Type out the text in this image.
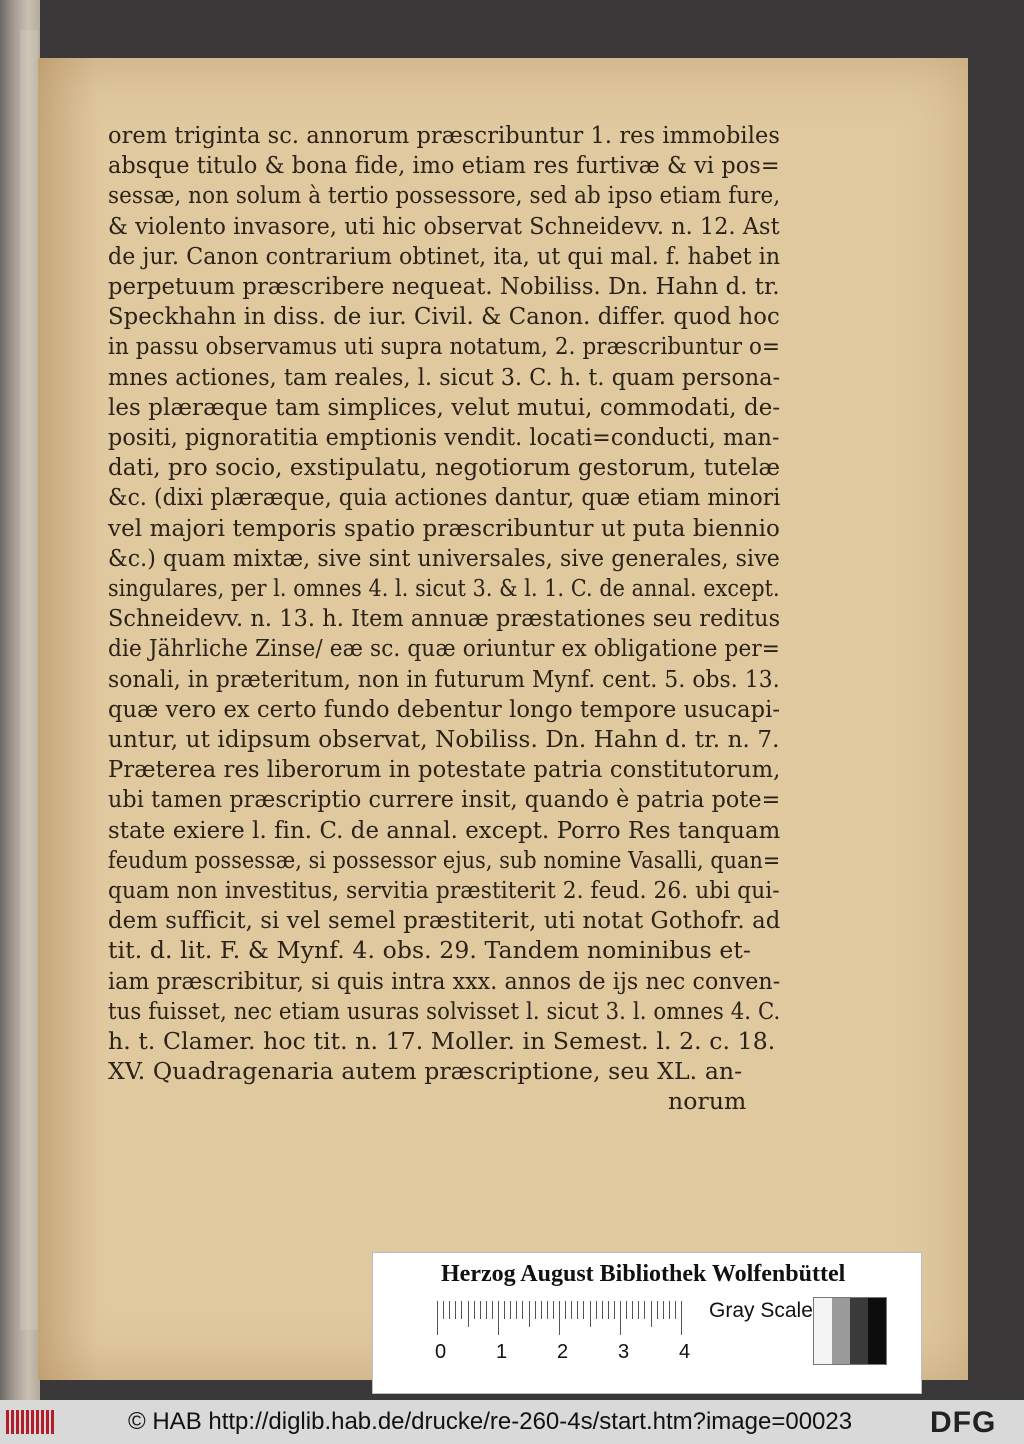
orem triginta sc. annorum præscribuntur 1. res immobiles
absque titulo & bona fide, imo etiam res furtivæ & vi pos=
sessæ, non solum à tertio possessore, sed ab ipso etiam fure,
& violento invasore, uti hic observat Schneidevv. n. 12. Ast
de jur. Canon contrarium obtinet, ita, ut qui mal. f. habet in
perpetuum præscribere nequeat. Nobiliss. Dn. Hahn d. tr.
Speckhahn in diss. de iur. Civil. & Canon. differ. quod hoc
in passu observamus uti supra notatum, 2. præscribuntur o=
mnes actiones, tam reales, l. sicut 3. C. h. t. quam persona-
les plæræque tam simplices, velut mutui, commodati, de-
positi, pignoratitia emptionis vendit. locati=conducti, man-
dati, pro socio, exstipulatu, negotiorum gestorum, tutelæ
&c. (dixi plæræque, quia actiones dantur, quæ etiam minori
vel majori temporis spatio præscribuntur ut puta biennio
&c.) quam mixtæ, sive sint universales, sive generales, sive
singulares, per l. omnes 4. l. sicut 3. & l. 1. C. de annal. except.
Schneidevv. n. 13. h. Item annuæ præstationes seu reditus
die Jährliche Zinse/ eæ sc. quæ oriuntur ex obligatione per=
sonali, in præteritum, non in futurum Mynf. cent. 5. obs. 13.
quæ vero ex certo fundo debentur longo tempore usucapi-
untur, ut idipsum observat, Nobiliss. Dn. Hahn d. tr. n. 7.
Præterea res liberorum in potestate patria constitutorum,
ubi tamen præscriptio currere insit, quando è patria pote=
state exiere l. fin. C. de annal. except. Porro Res tanquam
feudum possessæ, si possessor ejus, sub nomine Vasalli, quan=
quam non investitus, servitia præstiterit 2. feud. 26. ubi qui-
dem sufficit, si vel semel præstiterit, uti notat Gothofr. ad
tit. d. lit. F. & Mynf. 4. obs. 29. Tandem nominibus et-
iam præscribitur, si quis intra xxx. annos de ijs nec conven-
tus fuisset, nec etiam usuras solvisset l. sicut 3. l. omnes 4. C.
h. t. Clamer. hoc tit. n. 17. Moller. in Semest. l. 2. c. 18.
XV. Quadragenaria autem præscriptione, seu XL. an-
norum
Herzog August Bibliothek Wolfenbüttel
0 1 2 3 4
Gray Scale
© HAB http://diglib.hab.de/drucke/re-260-4s/start.htm?image=00023	DFG
